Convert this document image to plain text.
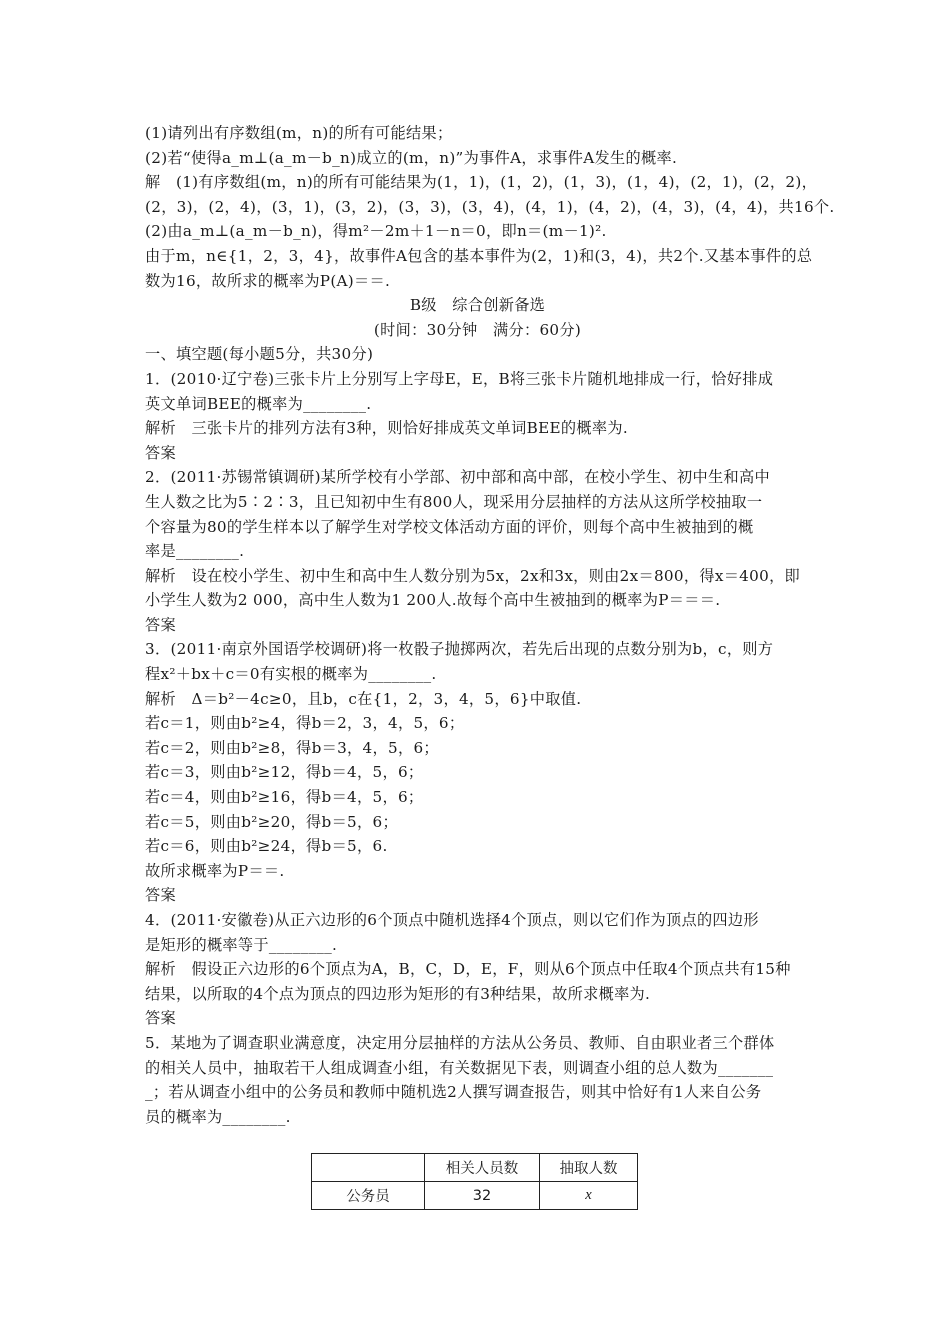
(1)请列出有序数组(m，n)的所有可能结果；
(2)若“使得a_m⊥(a_m－b_n)成立的(m，n)”为事件A，求事件A发生的概率.
解　(1)有序数组(m，n)的所有可能结果为(1，1)，(1，2)，(1，3)，(1，4)，(2，1)，(2，2)，
(2，3)，(2，4)，(3，1)，(3，2)，(3，3)，(3，4)，(4，1)，(4，2)，(4，3)，(4，4)，共16个.
(2)由a_m⊥(a_m－b_n)，得m²－2m＋1－n＝0，即n＝(m－1)².
由于m，n∈{1，2，3，4}，故事件A包含的基本事件为(2，1)和(3，4)，共2个.又基本事件的总
数为16，故所求的概率为P(A)＝＝.
B级　综合创新备选
(时间：30分钟　满分：60分)
一、填空题(每小题5分，共30分)
1．(2010·辽宁卷)三张卡片上分别写上字母E，E，B将三张卡片随机地排成一行，恰好排成
英文单词BEE的概率为________.
解析　三张卡片的排列方法有3种，则恰好排成英文单词BEE的概率为.
答案
2．(2011·苏锡常镇调研)某所学校有小学部、初中部和高中部，在校小学生、初中生和高中
生人数之比为5∶2∶3，且已知初中生有800人，现采用分层抽样的方法从这所学校抽取一
个容量为80的学生样本以了解学生对学校文体活动方面的评价，则每个高中生被抽到的概
率是________.
解析　设在校小学生、初中生和高中生人数分别为5x，2x和3x，则由2x＝800，得x＝400，即
小学生人数为2 000，高中生人数为1 200人.故每个高中生被抽到的概率为P＝＝＝.
答案
3．(2011·南京外国语学校调研)将一枚骰子抛掷两次，若先后出现的点数分别为b，c，则方
程x²＋bx＋c＝0有实根的概率为________.
解析　Δ＝b²－4c≥0，且b，c在{1，2，3，4，5，6}中取值.
若c＝1，则由b²≥4，得b＝2，3，4，5，6；
若c＝2，则由b²≥8，得b＝3，4，5，6；
若c＝3，则由b²≥12，得b＝4，5，6；
若c＝4，则由b²≥16，得b＝4，5，6；
若c＝5，则由b²≥20，得b＝5，6；
若c＝6，则由b²≥24，得b＝5，6.
故所求概率为P＝＝.
答案
4．(2011·安徽卷)从正六边形的6个顶点中随机选择4个顶点，则以它们作为顶点的四边形
是矩形的概率等于________.
解析　假设正六边形的6个顶点为A，B，C，D，E，F，则从6个顶点中任取4个顶点共有15种
结果，以所取的4个点为顶点的四边形为矩形的有3种结果，故所求概率为.
答案
5．某地为了调查职业满意度，决定用分层抽样的方法从公务员、教师、自由职业者三个群体
的相关人员中，抽取若干人组成调查小组，有关数据见下表，则调查小组的总人数为_______
_；若从调查小组中的公务员和教师中随机选2人撰写调查报告，则其中恰好有1人来自公务
员的概率为________.
	相关人员数	抽取人数
公务员	32	x
